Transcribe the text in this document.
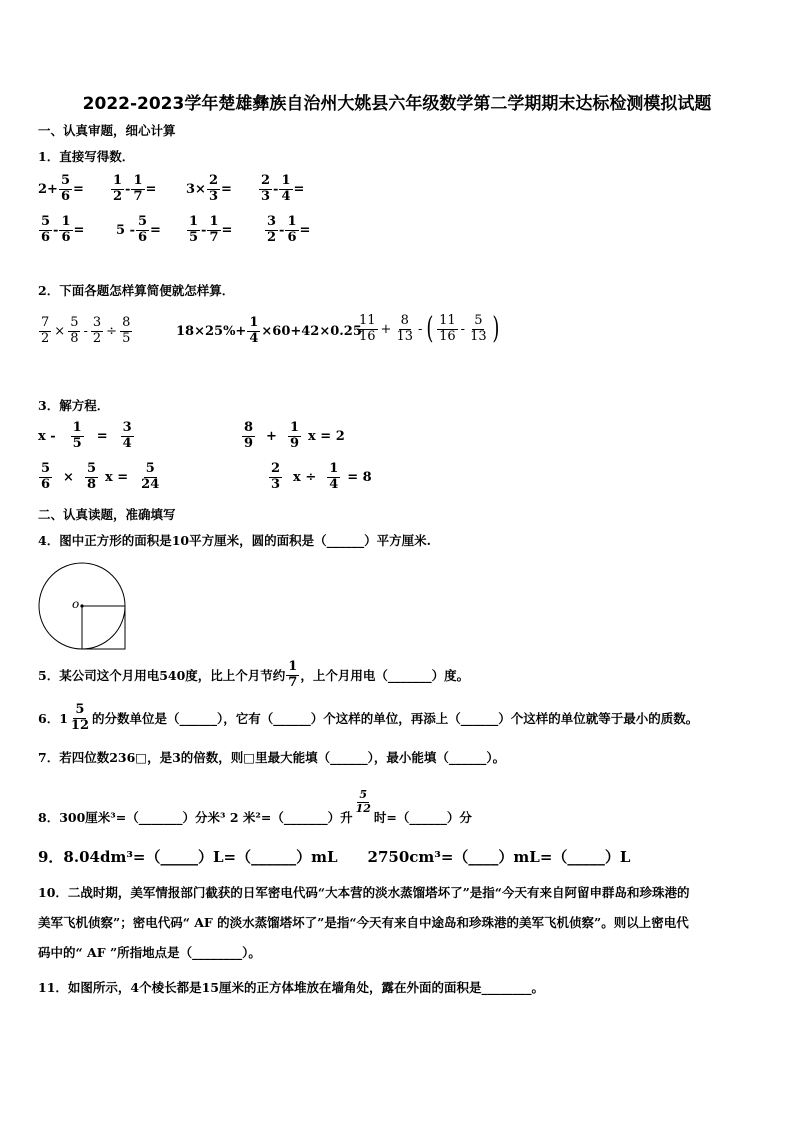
2022-2023学年楚雄彝族自治州大姚县六年级数学第二学期期末达标检测模拟试题
一、认真审题，细心计算
1．直接写得数．
$2+ \frac{5}{6} = \frac{1}{2} - \frac{1}{7} = 3\times \frac{2}{3} = \frac{2}{3} - \frac{1}{4}$ =
$\frac{5}{6} - \frac{1}{6} = 5 - \frac{5}{6} = \frac{1}{5} - \frac{1}{7}$ =	$\frac{3}{2} - \frac{1}{6}$ =
2．下面各题怎样算简便就怎样算．
$\frac{7}{2} \times \frac{5}{8} - \frac{3}{2} \div \frac{8}{5}$	$18\times 25\%+ \frac{1}{4} \times 60+42\times 0.25$
$\frac{11}{16} + \frac{8}{13}$ - ( $\frac{11}{16} - \frac{5}{13}$ )
3．解方程．
$x - \frac{1}{5} = \frac{3}{4}$	$\frac{8}{9} + \frac{1}{9}$ x = 2
$\frac{5}{6} \times \frac{5}{8}$ $x = \frac{5}{24}$	$\frac{2}{3}$ $x \div \frac{1}{4} = 8$
二、认真读题，准确填写
4．图中正方形的面积是10平方厘米，圆的面积是（______）平方厘米.
o
5．某公司这个月用电540度，比上个月节约 $\frac{1}{7}$ ，上个月用电（_______）度。
6．$1 \frac{5}{12}$ 的分数单位是（______），它有（______）个这样的单位，再添上（______）个这样的单位就等于最小的质数。
7．若四位数236□，是3的倍数，则□里最大能填（______），最小能填（______）。
8．300厘米³=（_______）分米³ 2 米²=（_______）升
$\frac{5}{12}$
时=（______）分
9．8.04dm³=（_____）L=（______）mL　　2750cm³=（____）mL=（_____）L
10．二战时期，美军情报部门截获的日军密电代码“大本营的淡水蒸馏塔坏了”是指“今天有来自阿留申群岛和珍珠港的
美军飞机侦察”；密电代码“ AF 的淡水蒸馏塔坏了”是指“今天有来自中途岛和珍珠港的美军飞机侦察”。则以上密电代
码中的“ AF ”所指地点是（________）。
11．如图所示，4个棱长都是15厘米的正方体堆放在墙角处，露在外面的面积是________。
